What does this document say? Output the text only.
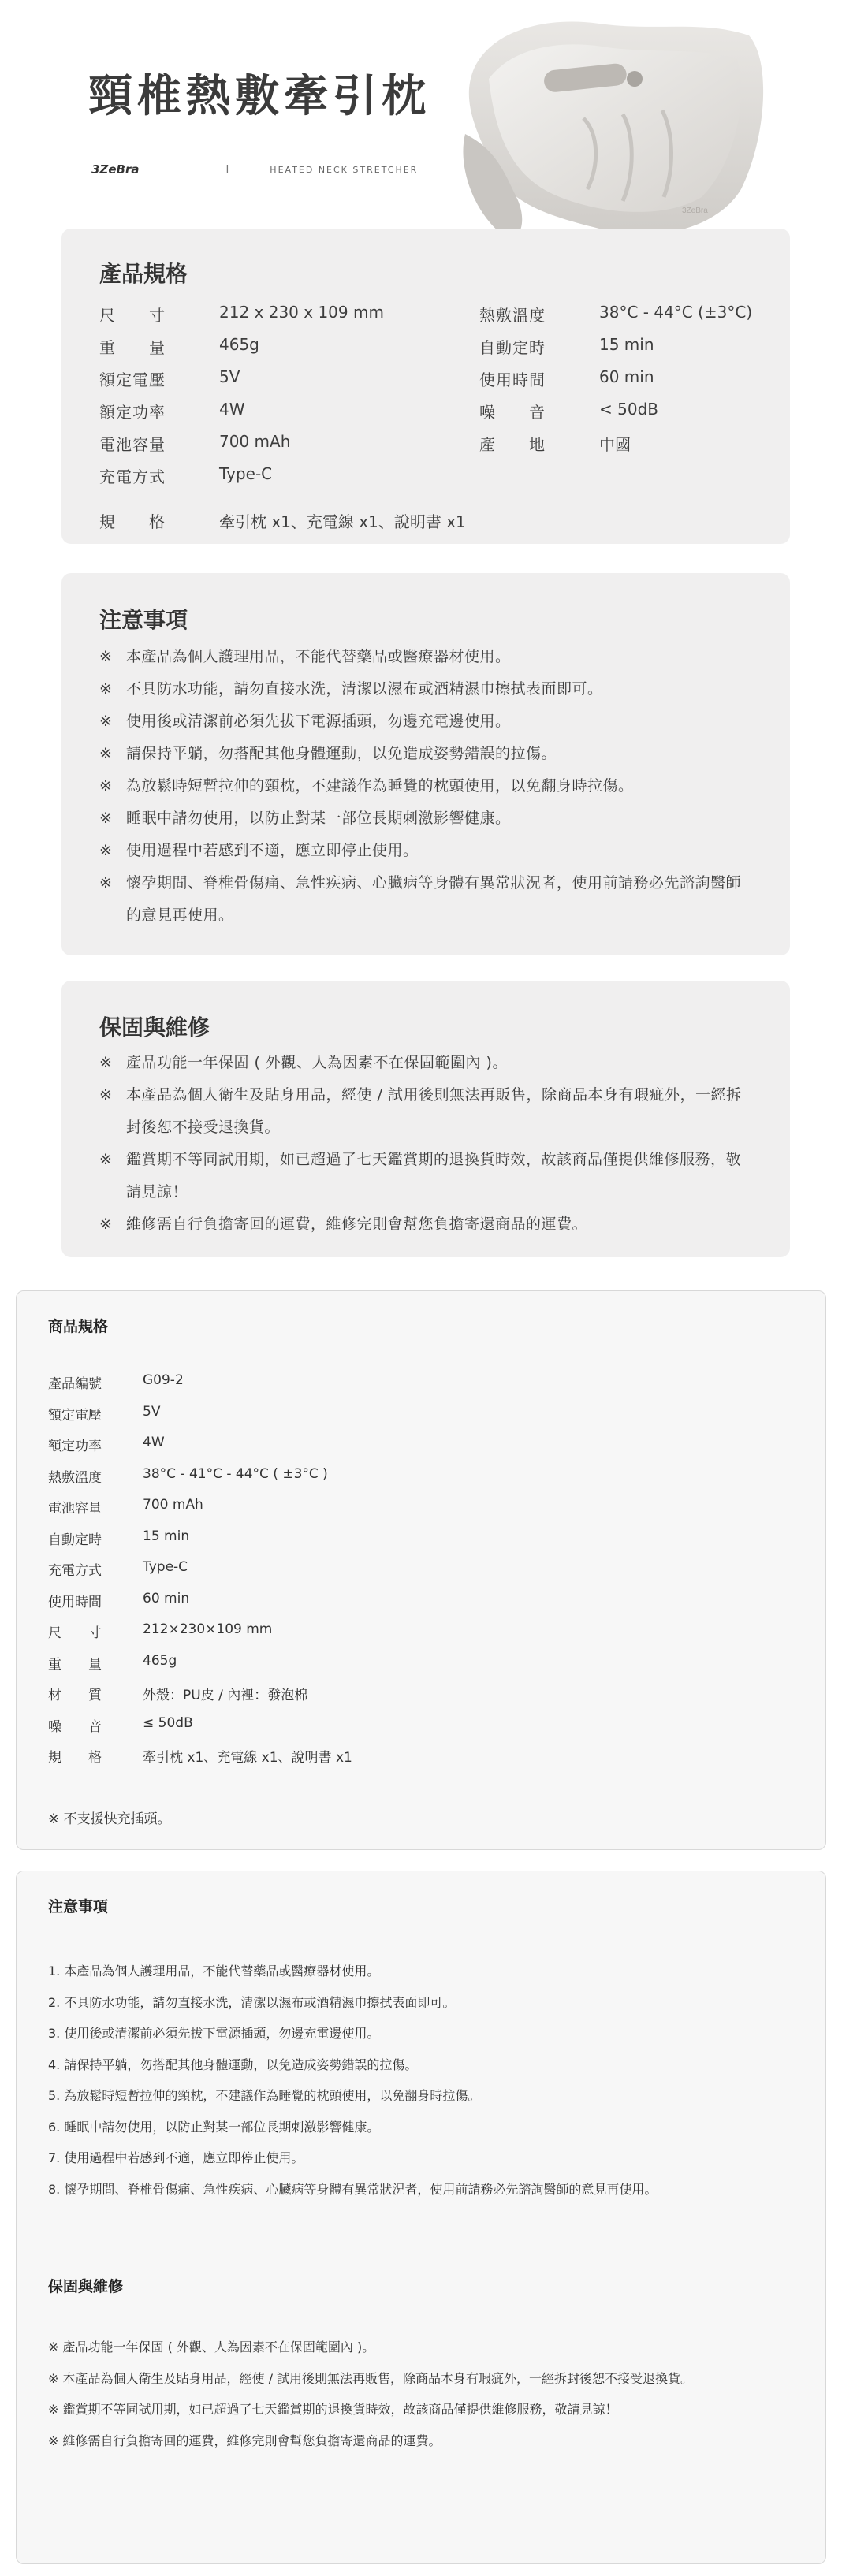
頸椎熱敷牽引枕
3ZeBra	I	HEATED NECK STRETCHER
3ZeBra
產品規格
尺　　寸	212 x 230 x 109 mm
重　　量	465g
額定電壓	5V
額定功率	4W
電池容量	700 mAh
充電方式	Type-C
熱敷溫度	38°C - 44°C (±3°C)
自動定時	15 min
使用時間	60 min
噪　　音	< 50dB
產　　地	中國
規　　格	牽引枕 x1、充電線 x1、說明書 x1
注意事項
※ 本產品為個人護理用品，不能代替藥品或醫療器材使用。
※ 不具防水功能，請勿直接水洗，清潔以濕布或酒精濕巾擦拭表面即可。
※ 使用後或清潔前必須先拔下電源插頭，勿邊充電邊使用。
※ 請保持平躺，勿搭配其他身體運動，以免造成姿勢錯誤的拉傷。
※ 為放鬆時短暫拉伸的頸枕，不建議作為睡覺的枕頭使用，以免翻身時拉傷。
※ 睡眠中請勿使用，以防止對某一部位長期刺激影響健康。
※ 使用過程中若感到不適，應立即停止使用。
※ 懷孕期間、脊椎骨傷痛、急性疾病、心臟病等身體有異常狀況者，使用前請務必先諮詢醫師的意見再使用。
保固與維修
※ 產品功能一年保固 ( 外觀、人為因素不在保固範圍內 )。
※ 本產品為個人衛生及貼身用品，經使 / 試用後則無法再販售，除商品本身有瑕疵外，一經拆封後恕不接受退換貨。
※ 鑑賞期不等同試用期，如已超過了七天鑑賞期的退換貨時效，故該商品僅提供維修服務，敬請見諒！
※ 維修需自行負擔寄回的運費，維修完則會幫您負擔寄還商品的運費。
商品規格
產品編號	G09-2
額定電壓	5V
額定功率	4W
熱敷溫度	38°C - 41°C - 44°C ( ±3°C )
電池容量	700 mAh
自動定時	15 min
充電方式	Type-C
使用時間	60 min
尺　　寸	212×230×109 mm
重　　量	465g
材　　質	外殼：PU皮 / 內裡：發泡棉
噪　　音	≤ 50dB
規　　格	牽引枕 x1、充電線 x1、說明書 x1
※ 不支援快充插頭。
注意事項
1. 本產品為個人護理用品，不能代替藥品或醫療器材使用。
2. 不具防水功能，請勿直接水洗，清潔以濕布或酒精濕巾擦拭表面即可。
3. 使用後或清潔前必須先拔下電源插頭，勿邊充電邊使用。
4. 請保持平躺，勿搭配其他身體運動，以免造成姿勢錯誤的拉傷。
5. 為放鬆時短暫拉伸的頸枕，不建議作為睡覺的枕頭使用，以免翻身時拉傷。
6. 睡眠中請勿使用，以防止對某一部位長期刺激影響健康。
7. 使用過程中若感到不適，應立即停止使用。
8. 懷孕期間、脊椎骨傷痛、急性疾病、心臟病等身體有異常狀況者，使用前請務必先諮詢醫師的意見再使用。
保固與維修
※ 產品功能一年保固 ( 外觀、人為因素不在保固範圍內 )。
※ 本產品為個人衛生及貼身用品，經使 / 試用後則無法再販售，除商品本身有瑕疵外，一經拆封後恕不接受退換貨。
※ 鑑賞期不等同試用期，如已超過了七天鑑賞期的退換貨時效，故該商品僅提供維修服務，敬請見諒！
※ 維修需自行負擔寄回的運費，維修完則會幫您負擔寄還商品的運費。
